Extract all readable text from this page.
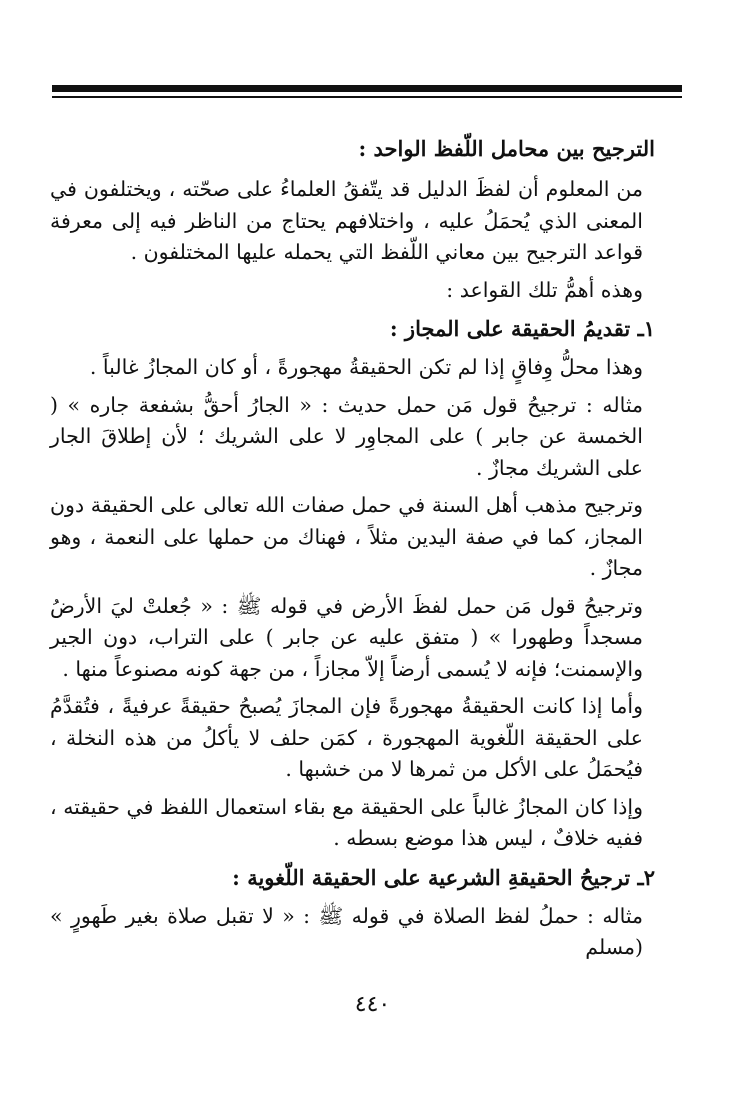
الترجيح بين محامل اللّفظ الواحد :

من المعلوم أن لفظَ الدليل قد يتّفقُ العلماءُ على صحّته ، ويختلفون في المعنى الذي يُحمَلُ عليه ، واختلافهم يحتاج من الناظر فيه إلى معرفة قواعد الترجيح بين معاني اللّفظ التي يحمله عليها المختلفون .

وهذه أهمُّ تلك القواعد :

١ـ تقديمُ الحقيقة على المجاز :

وهذا محلُّ وِفاقٍ إذا لم تكن الحقيقةُ مهجورةً ، أو كان المجازُ غالباً .

مثاله : ترجيحُ قول مَن حمل حديث : « الجارُ أحقُّ بشفعة جاره » ( الخمسة عن جابر ) على المجاوِر لا على الشريك ؛ لأن إطلاقَ الجار على الشريك مجازٌ .

وترجيح مذهب أهل السنة في حمل صفات الله تعالى على الحقيقة دون المجاز، كما في صفة اليدين مثلاً ، فهناك من حملها على النعمة ، وهو مجازٌ .

وترجيحُ قول مَن حمل لفظَ الأرض في قوله ﷺ : « جُعلتْ ليَ الأرضُ مسجداً وطهورا » ( متفق عليه عن جابر ) على التراب، دون الجير والإسمنت؛ فإنه لا يُسمى أرضاً إلاّ مجازاً ، من جهة كونه مصنوعاً منها .

وأما إذا كانت الحقيقةُ مهجورةً فإن المجازَ يُصبحُ حقيقةً عرفيةً ، فتُقدَّمُ على الحقيقة اللّغوية المهجورة ، كمَن حلف لا يأكلُ من هذه النخلة ، فيُحمَلُ على الأكل من ثمرها لا من خشبها .

وإذا كان المجازُ غالباً على الحقيقة مع بقاء استعمال اللفظ في حقيقته ، ففيه خلافٌ ، ليس هذا موضع بسطه .

٢ـ ترجيحُ الحقيقةِ الشرعية على الحقيقة اللّغوية :

مثاله : حملُ لفظ الصلاة في قوله ﷺ : « لا تقبل صلاة بغير طَهورٍ » (مسلم

٤٤٠
